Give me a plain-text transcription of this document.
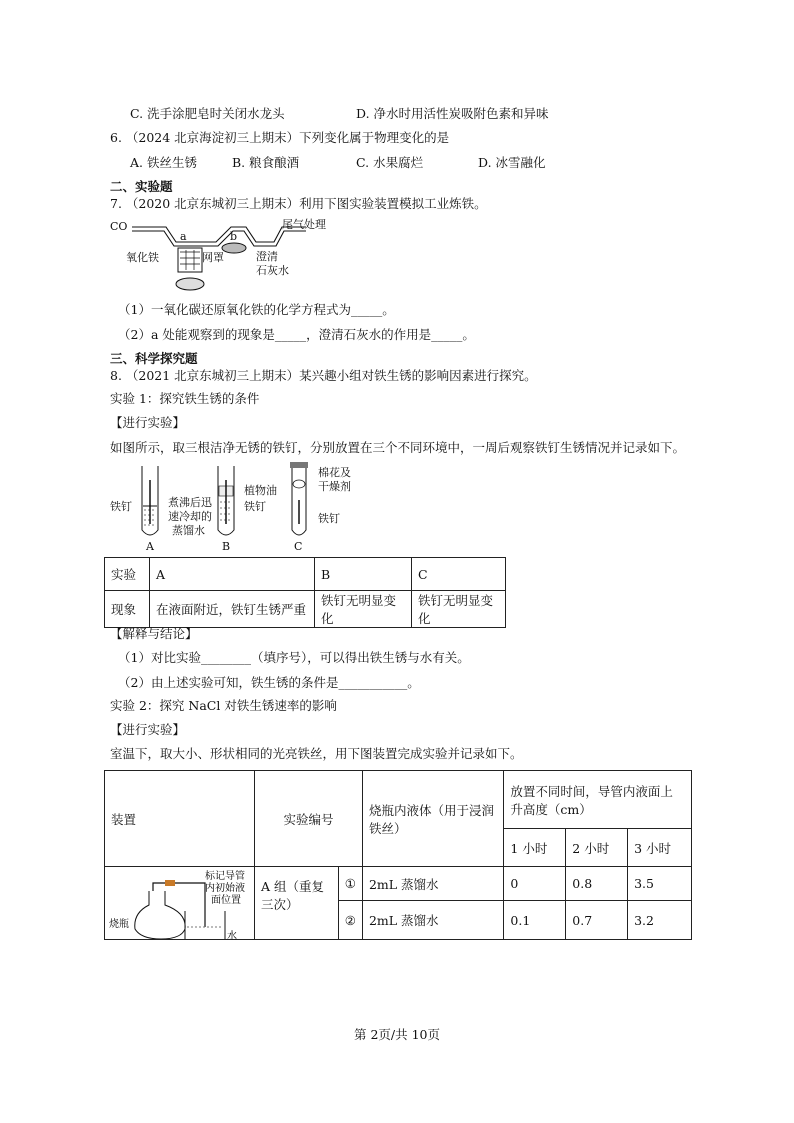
C. 洗手涂肥皂时关闭水龙头	D. 净水时用活性炭吸附色素和异味
6. （2024 北京海淀初三上期末）下列变化属于物理变化的是
A. 铁丝生锈	B. 粮食酿酒	C. 水果腐烂	D. 冰雪融化
二、实验题
7. （2020 北京东城初三上期末）利用下图实验装置模拟工业炼铁。
CO
a	b
尾气处理
氧化铁	网罩	澄清
石灰水
（1）一氧化碳还原氧化铁的化学方程式为_____。
（2）a 处能观察到的现象是_____，澄清石灰水的作用是_____。
三、科学探究题
8. （2021 北京东城初三上期末）某兴趣小组对铁生锈的影响因素进行探究。
实验 1：探究铁生锈的条件
【进行实验】
如图所示，取三根洁净无锈的铁钉，分别放置在三个不同环境中，一周后观察铁钉生锈情况并记录如下。
铁钉	煮沸后迅
速冷却的
蒸馏水
A
植物油
铁钉
B
棉花及
干燥剂
铁钉
C
实验	A	B	C
现象	在液面附近，铁钉生锈严重	铁钉无明显变化	铁钉无明显变化
【解释与结论】
（1）对比实验________（填序号），可以得出铁生锈与水有关。
（2）由上述实验可知，铁生锈的条件是___________。
实验 2：探究 NaCl 对铁生锈速率的影响
【进行实验】
室温下，取大小、形状相同的光亮铁丝，用下图装置完成实验并记录如下。
装置	实验编号		烧瓶内液体（用于浸润铁丝）	放置不同时间，导管内液面上升高度（cm）		
				1 小时	2 小时	3 小时

标记导管
内初始液
面位置
烧瓶
水	A 组（重复三次）	①	2mL 蒸馏水	0	0.8	3.5
		②	2mL 蒸馏水	0.1	0.7	3.2
第 2页/共 10页
